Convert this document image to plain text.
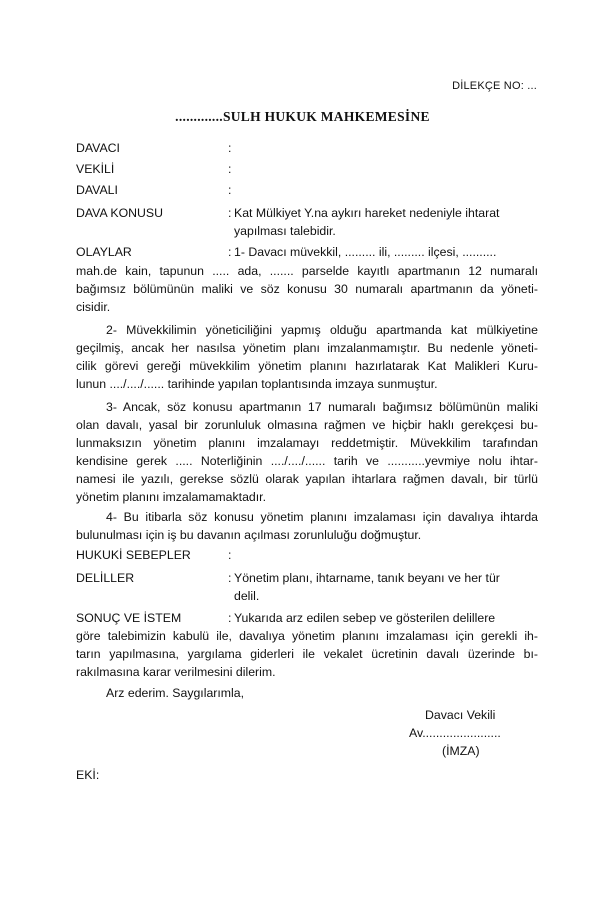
DİLEKÇE NO: ...
.............SULH HUKUK MAHKEMESİNE
DAVACI	:
VEKİLİ	:
DAVALI	:
DAVA KONUSU	: Kat Mülkiyet Y.na aykırı hareket nedeniyle ihtarat
yapılması talebidir.
OLAYLAR	: 1- Davacı müvekkil, ......... ili, ......... ilçesi, ..........
mah.de kain, tapunun ..... ada, ....... parselde kayıtlı apartmanın 12 numaralı
bağımsız bölümünün maliki ve söz konusu 30 numaralı apartmanın da yöneti-
cisidir.
2- Müvekkilimin yöneticiliğini yapmış olduğu apartmanda kat mülkiyetine
geçilmiş, ancak her nasılsa yönetim planı imzalanmamıştır. Bu nedenle yöneti-
cilik görevi gereği müvekkilim yönetim planını hazırlatarak Kat Malikleri Kuru-
lunun ..../..../...... tarihinde yapılan toplantısında imzaya sunmuştur.
3- Ancak, söz konusu apartmanın 17 numaralı bağımsız bölümünün maliki
olan davalı, yasal bir zorunluluk olmasına rağmen ve hiçbir haklı gerekçesi bu-
lunmaksızın yönetim planını imzalamayı reddetmiştir. Müvekkilim tarafından
kendisine gerek ..... Noterliğinin ..../..../...... tarih ve ...........yevmiye nolu ihtar-
namesi ile yazılı, gerekse sözlü olarak yapılan ihtarlara rağmen davalı, bir türlü
yönetim planını imzalamamaktadır.
4- Bu itibarla söz konusu yönetim planını imzalaması için davalıya ihtarda
bulunulması için iş bu davanın açılması zorunluluğu doğmuştur.
HUKUKİ SEBEPLER	:
DELİLLER	: Yönetim planı, ihtarname, tanık beyanı ve her tür
delil.
SONUÇ VE İSTEM	: Yukarıda arz edilen sebep ve gösterilen delillere
göre talebimizin kabulü ile, davalıya yönetim planını imzalaması için gerekli ih-
tarın yapılmasına, yargılama giderleri ile vekalet ücretinin davalı üzerinde bı-
rakılmasına karar verilmesini dilerim.
Arz ederim. Saygılarımla,
Davacı Vekili
Av.......................
(İMZA)
EKİ:
